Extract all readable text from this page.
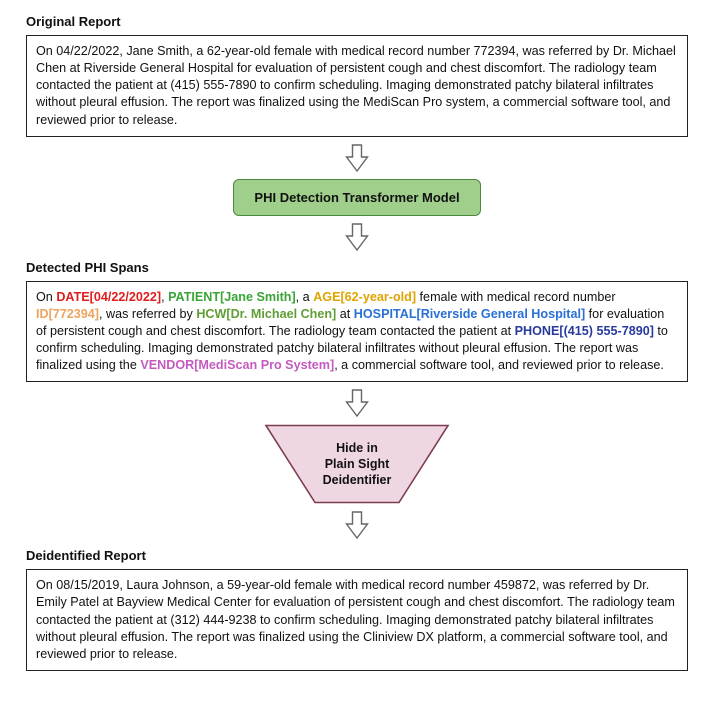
Original Report
On 04/22/2022, Jane Smith, a 62-year-old female with medical record number 772394, was referred by Dr. Michael Chen at Riverside General Hospital for evaluation of persistent cough and chest discomfort. The radiology team contacted the patient at (415) 555-7890 to confirm scheduling. Imaging demonstrated patchy bilateral infiltrates without pleural effusion. The report was finalized using the MediScan Pro system, a commercial software tool, and reviewed prior to release.
PHI Detection Transformer Model
Detected PHI Spans
On DATE[04/22/2022], PATIENT[Jane Smith], a AGE[62-year-old] female with medical record number ID[772394], was referred by HCW[Dr. Michael Chen] at HOSPITAL[Riverside General Hospital] for evaluation of persistent cough and chest discomfort. The radiology team contacted the patient at PHONE[(415) 555-7890] to confirm scheduling. Imaging demonstrated patchy bilateral infiltrates without pleural effusion. The report was finalized using the VENDOR[MediScan Pro System], a commercial software tool, and reviewed prior to release.
Hide in
Plain Sight
Deidentifier
Deidentified Report
On 08/15/2019, Laura Johnson, a 59-year-old female with medical record number 459872, was referred by Dr. Emily Patel at Bayview Medical Center for evaluation of persistent cough and chest discomfort. The radiology team contacted the patient at (312) 444-9238 to confirm scheduling. Imaging demonstrated patchy bilateral infiltrates without pleural effusion. The report was finalized using the Cliniview DX platform, a commercial software tool, and reviewed prior to release.
